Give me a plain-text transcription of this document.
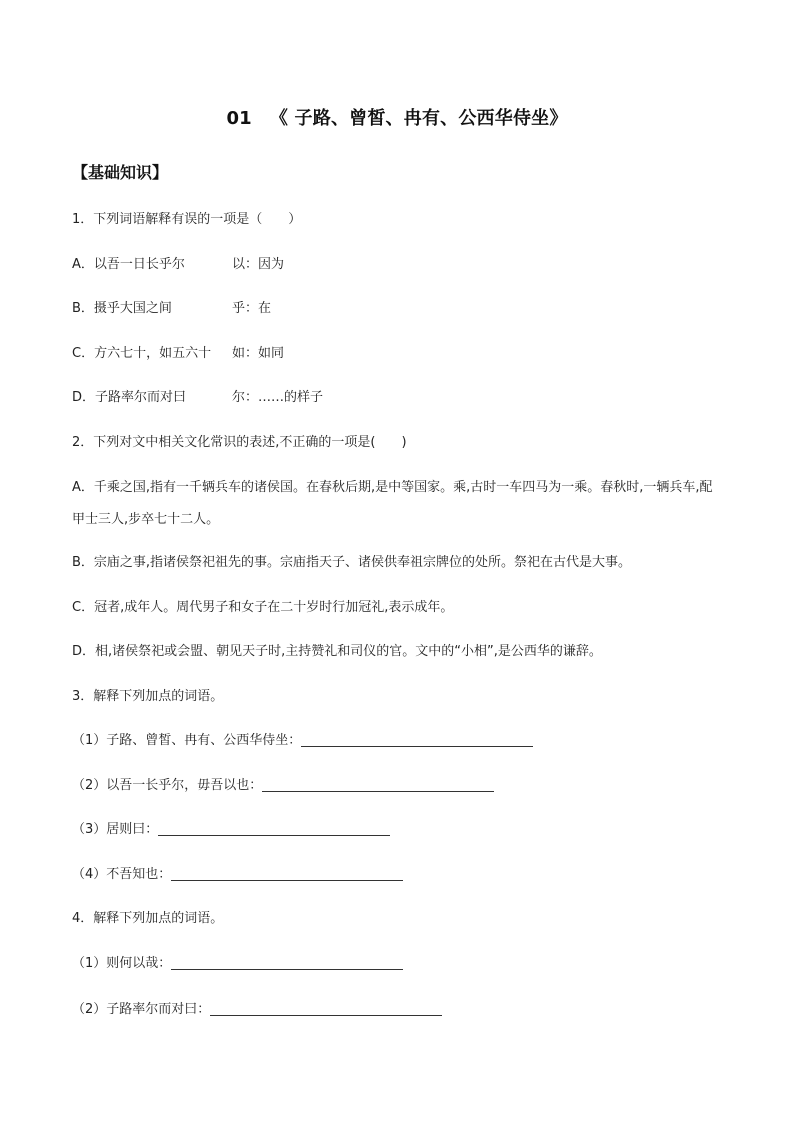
01 《 子路、曾皙、冉有、公西华侍坐》
【基础知识】
1．下列词语解释有误的一项是（　　）
A．以吾一日长乎尔	以：因为
B．摄乎大国之间	乎：在
C．方六七十，如五六十 如：如同
D．子路率尔而对曰	尔：……的样子
2．下列对文中相关文化常识的表述,不正确的一项是(　　)
A．千乘之国,指有一千辆兵车的诸侯国。在春秋后期,是中等国家。乘,古时一车四马为一乘。春秋时,一辆兵车,配甲士三人,步卒七十二人。
B．宗庙之事,指诸侯祭祀祖先的事。宗庙指天子、诸侯供奉祖宗牌位的处所。祭祀在古代是大事。
C．冠者,成年人。周代男子和女子在二十岁时行加冠礼,表示成年。
D．相,诸侯祭祀或会盟、朝见天子时,主持赞礼和司仪的官。文中的“小相”,是公西华的谦辞。
3．解释下列加点的词语。
（1）子路、曾皙、冉有、公西华侍坐：
（2）以吾一长乎尔，毋吾以也：
（3）居则曰：
（4）不吾知也：
4．解释下列加点的词语。
（1）则何以哉：
（2）子路率尔而对曰：
